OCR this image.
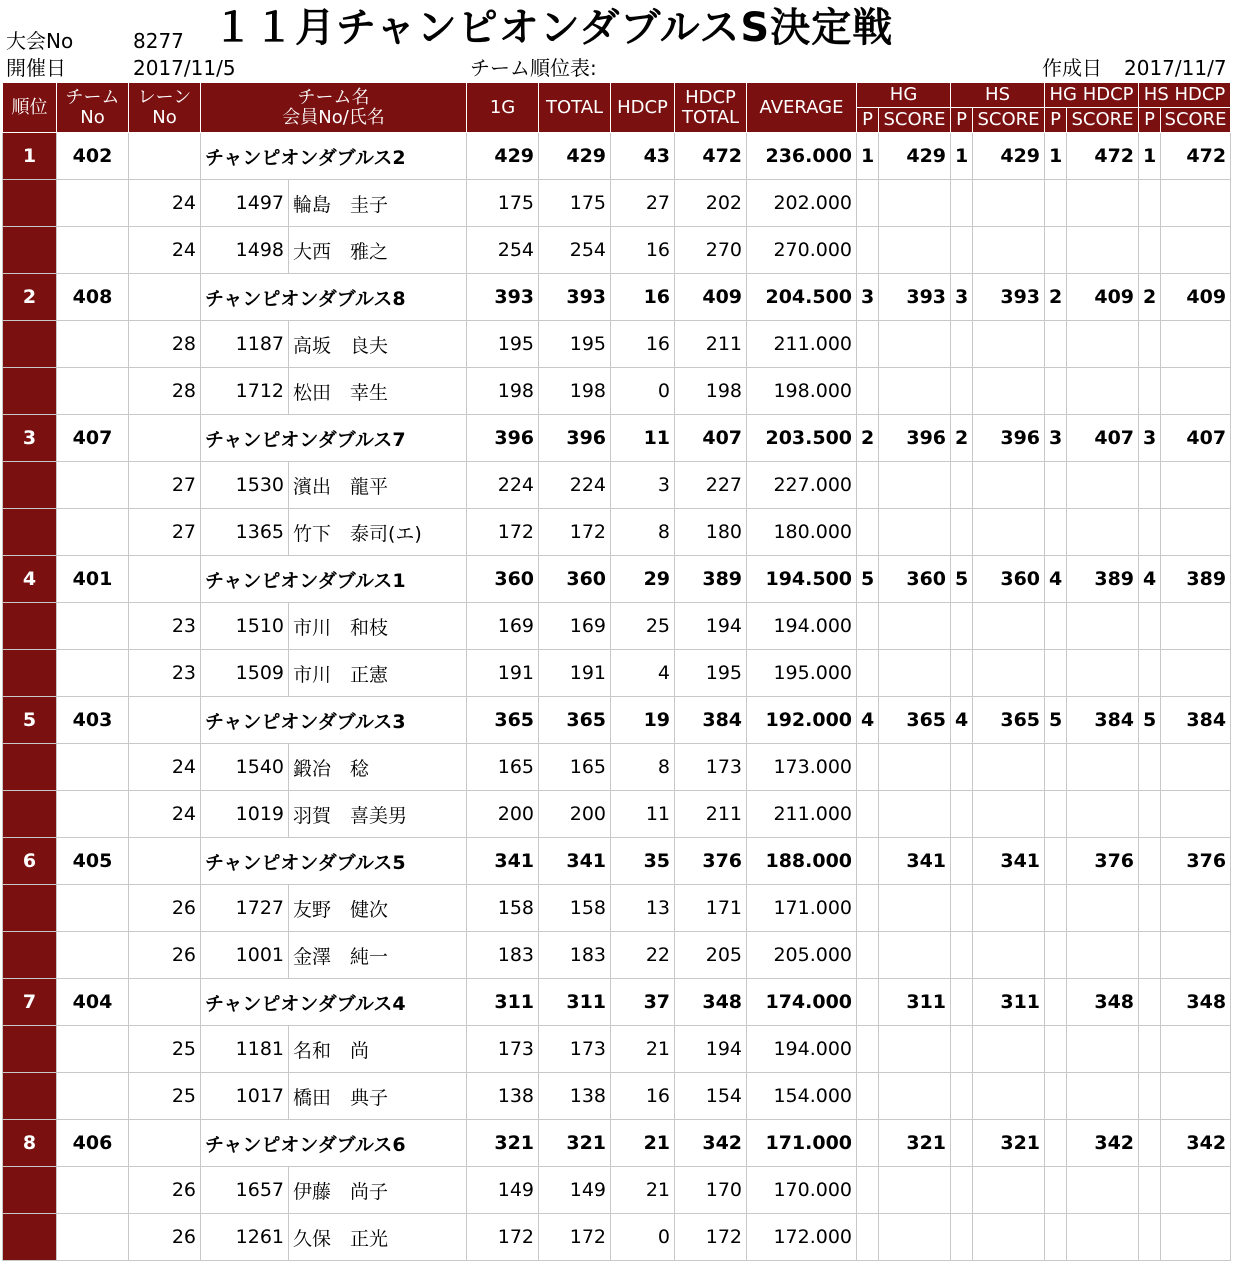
大会No	8277
開催日	2017/11/5
１１月チャンピオンダブルスS決定戦
チーム順位表:	作成日 2017/11/7
順位	チーム
No	レーン
No	チーム名
会員No/氏名		1G	TOTAL	HDCP	HDCP
TOTAL	AVERAGE	HG		HS		HG HDCP		HS HDCP	
										P	SCORE	P	SCORE	P	SCORE	P	SCORE
1	402		チャンピオンダブルス2		429	429	43	472	236.000	1	429	1	429	1	472	1	472
		24	1497	輪島　圭子	175	175	27	202	202.000								
		24	1498	大西　雅之	254	254	16	270	270.000								
2	408		チャンピオンダブルス8		393	393	16	409	204.500	3	393	3	393	2	409	2	409
		28	1187	高坂　良夫	195	195	16	211	211.000								
		28	1712	松田　幸生	198	198	0	198	198.000								
3	407		チャンピオンダブルス7		396	396	11	407	203.500	2	396	2	396	3	407	3	407
		27	1530	濱出　龍平	224	224	3	227	227.000								
		27	1365	竹下　泰司(エ)	172	172	8	180	180.000								
4	401		チャンピオンダブルス1		360	360	29	389	194.500	5	360	5	360	4	389	4	389
		23	1510	市川　和枝	169	169	25	194	194.000								
		23	1509	市川　正憲	191	191	4	195	195.000								
5	403		チャンピオンダブルス3		365	365	19	384	192.000	4	365	4	365	5	384	5	384
		24	1540	鍛冶　稔	165	165	8	173	173.000								
		24	1019	羽賀　喜美男	200	200	11	211	211.000								
6	405		チャンピオンダブルス5		341	341	35	376	188.000		341		341		376		376
		26	1727	友野　健次	158	158	13	171	171.000								
		26	1001	金澤　純一	183	183	22	205	205.000								
7	404		チャンピオンダブルス4		311	311	37	348	174.000		311		311		348		348
		25	1181	名和　尚	173	173	21	194	194.000								
		25	1017	橋田　典子	138	138	16	154	154.000								
8	406		チャンピオンダブルス6		321	321	21	342	171.000		321		321		342		342
		26	1657	伊藤　尚子	149	149	21	170	170.000								
		26	1261	久保　正光	172	172	0	172	172.000								
